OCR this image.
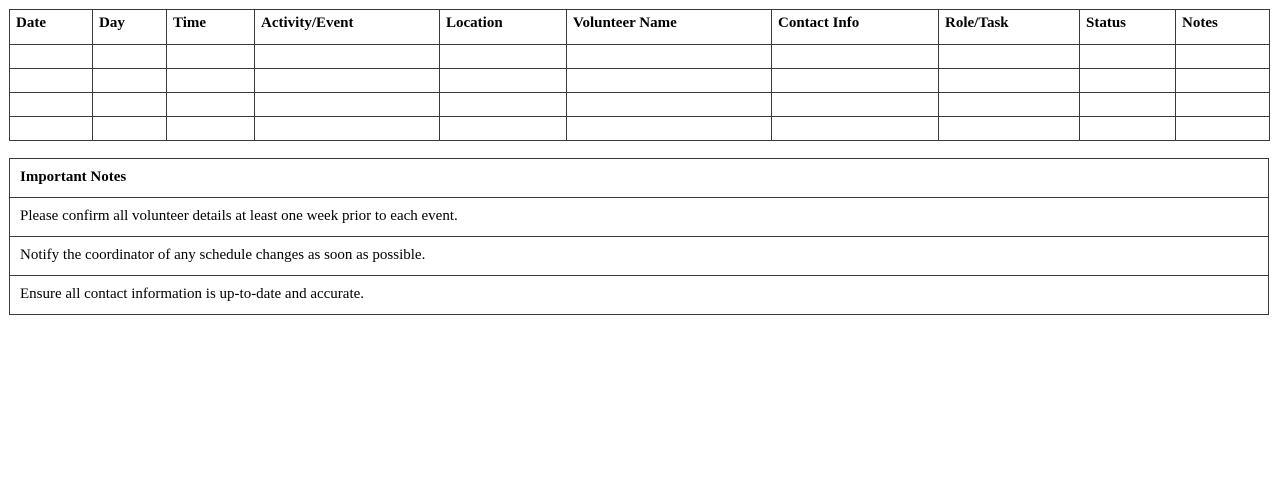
Date	Day	Time	Activity/Event	Location	Volunteer Name	Contact Info	Role/Task	Status	Notes

Important Notes
Please confirm all volunteer details at least one week prior to each event.
Notify the coordinator of any schedule changes as soon as possible.
Ensure all contact information is up-to-date and accurate.
